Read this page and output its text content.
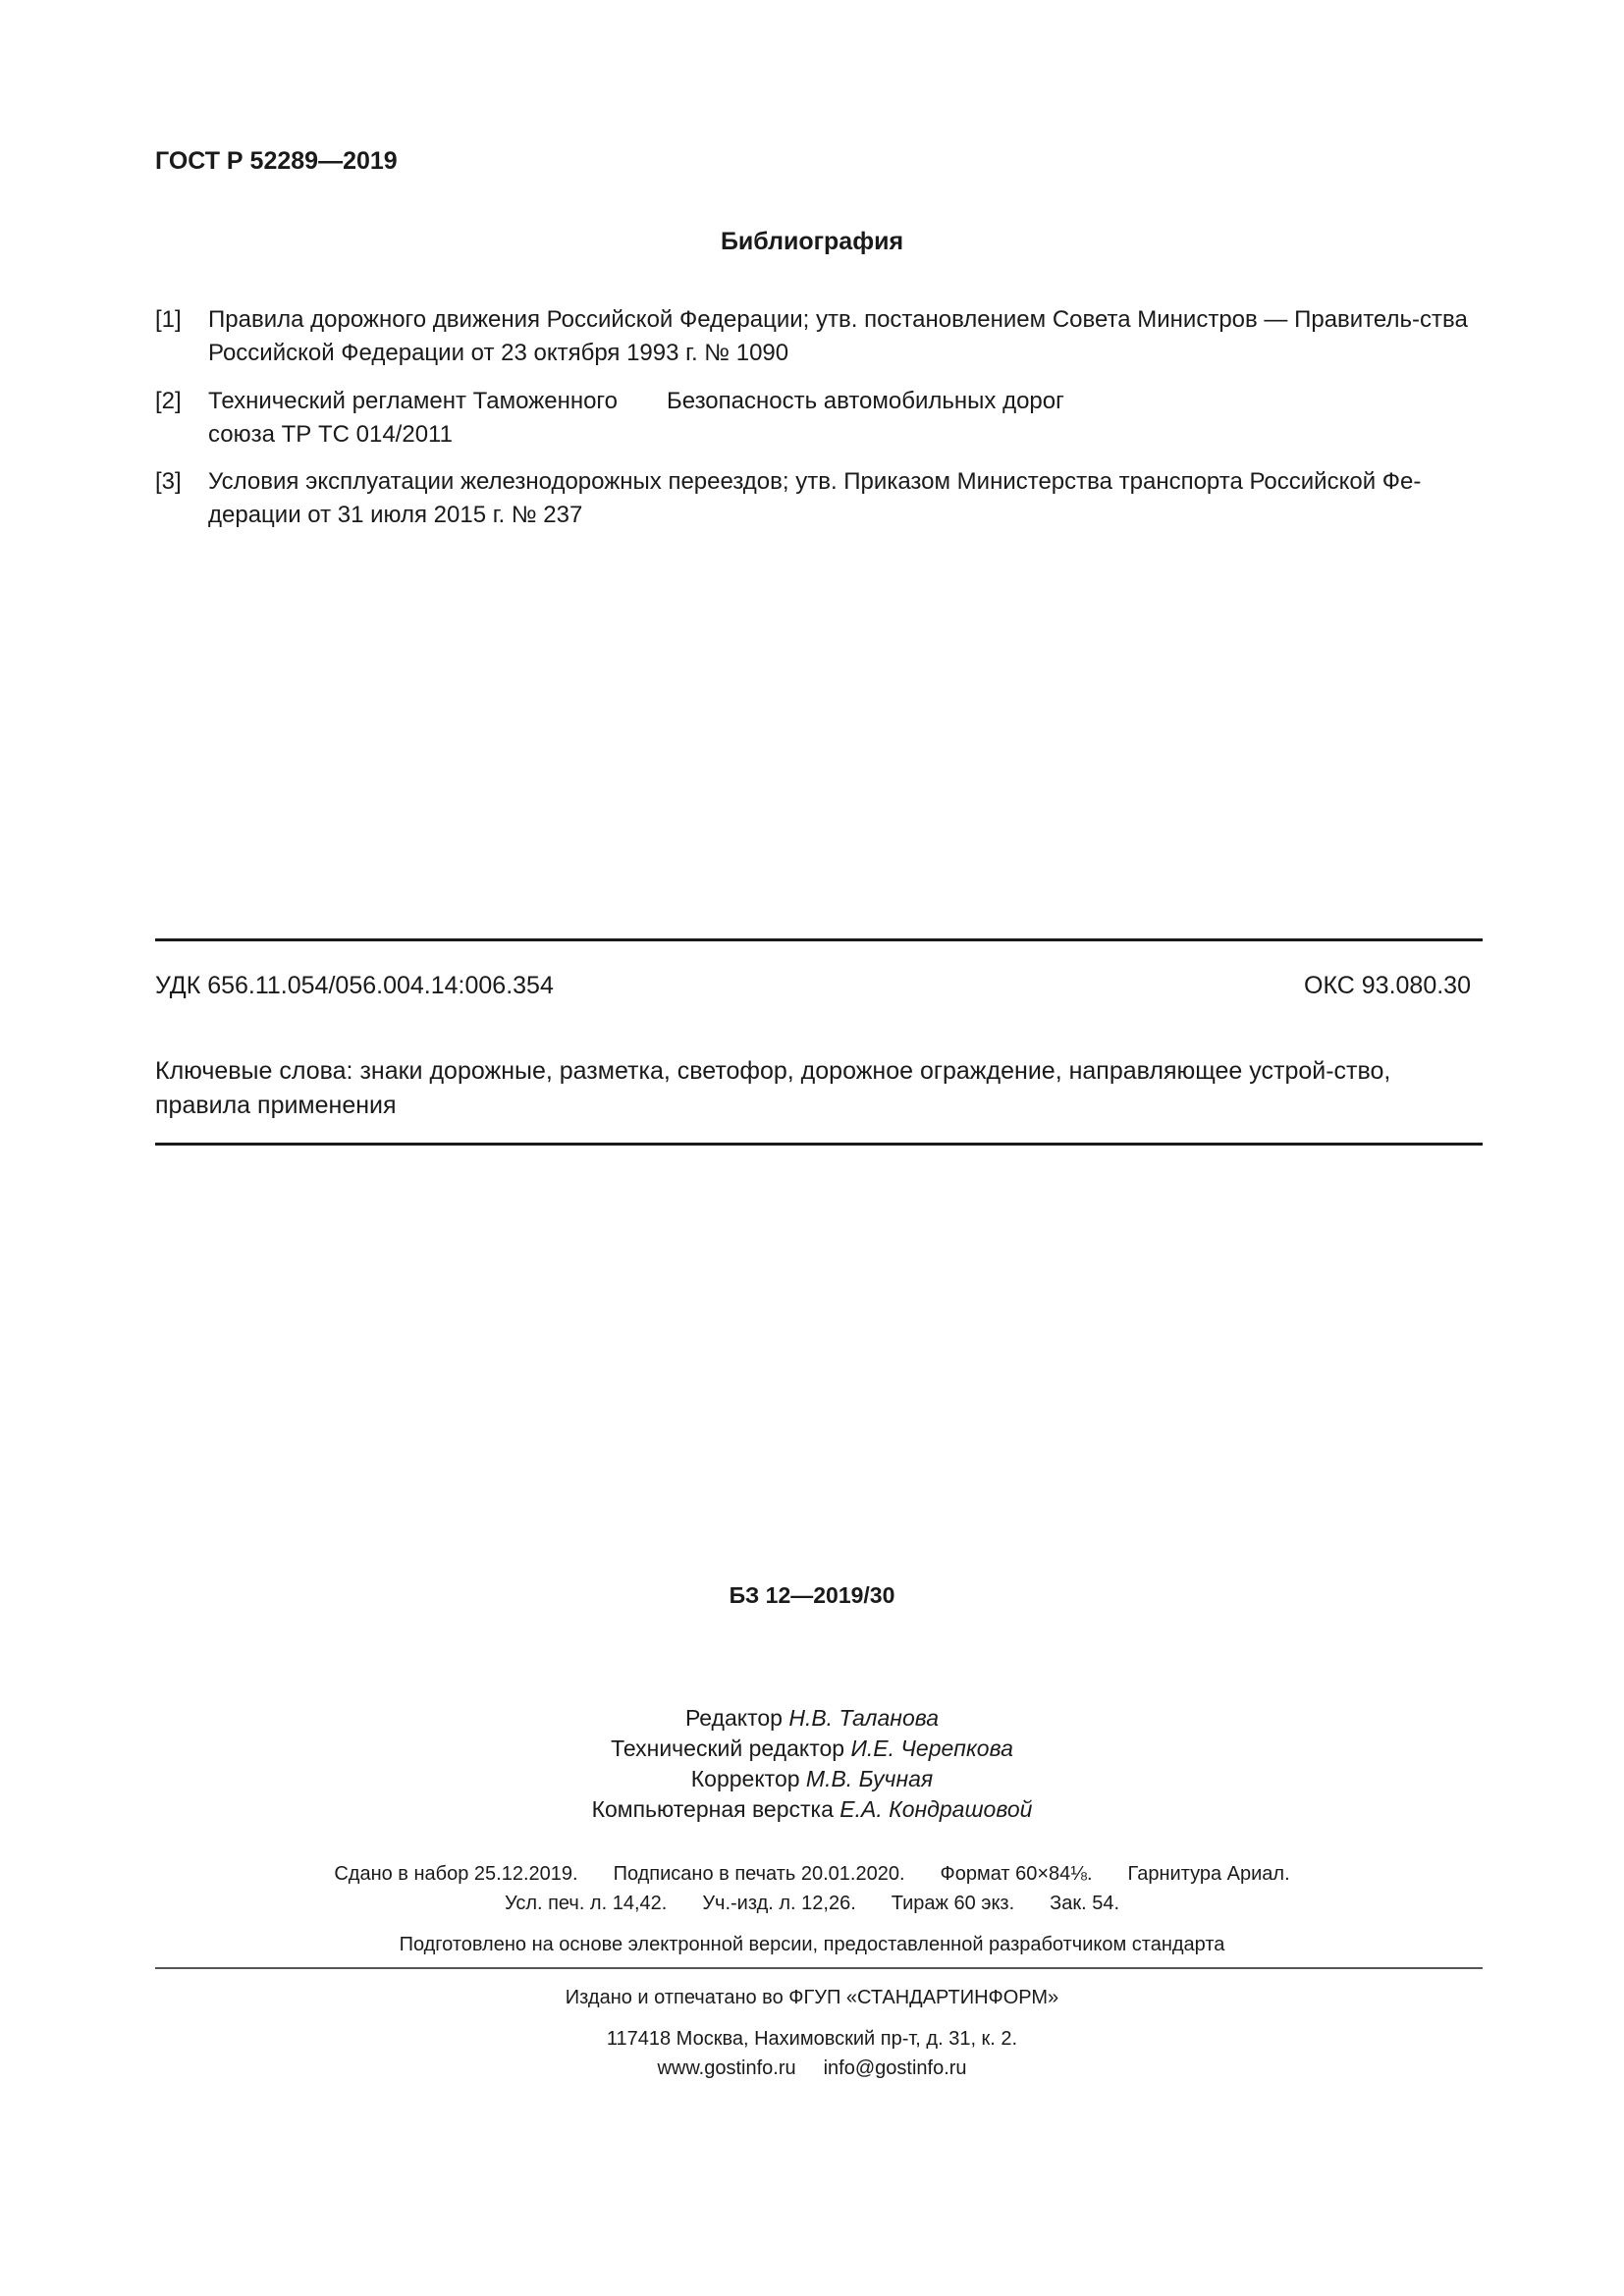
ГОСТ Р 52289—2019
Библиография
[1] Правила дорожного движения Российской Федерации; утв. постановлением Совета Министров — Правитель-ства Российской Федерации от 23 октября 1993 г. № 1090
[2] Технический регламент Таможенного союза ТР ТС 014/2011
Безопасность автомобильных дорог
[3] Условия эксплуатации железнодорожных переездов; утв. Приказом Министерства транспорта Российской Фе-дерации от 31 июля 2015 г. № 237
УДК 656.11.054/056.004.14:006.354	ОКС 93.080.30
Ключевые слова: знаки дорожные, разметка, светофор, дорожное ограждение, направляющее устрой-ство, правила применения
БЗ 12—2019/30
Редактор Н.В. Таланова
Технический редактор И.Е. Черепкова
Корректор М.В. Бучная
Компьютерная верстка Е.А. Кондрашовой
Сдано в набор 25.12.2019. Подписано в печать 20.01.2020. Формат 60×84⅛. Гарнитура Ариал.
Усл. печ. л. 14,42. Уч.-изд. л. 12,26. Тираж 60 экз. Зак. 54.
Подготовлено на основе электронной версии, предоставленной разработчиком стандарта
Издано и отпечатано во ФГУП «СТАНДАРТИНФОРМ»
117418 Москва, Нахимовский пр-т, д. 31, к. 2.
www.gostinfo.ru info@gostinfo.ru
